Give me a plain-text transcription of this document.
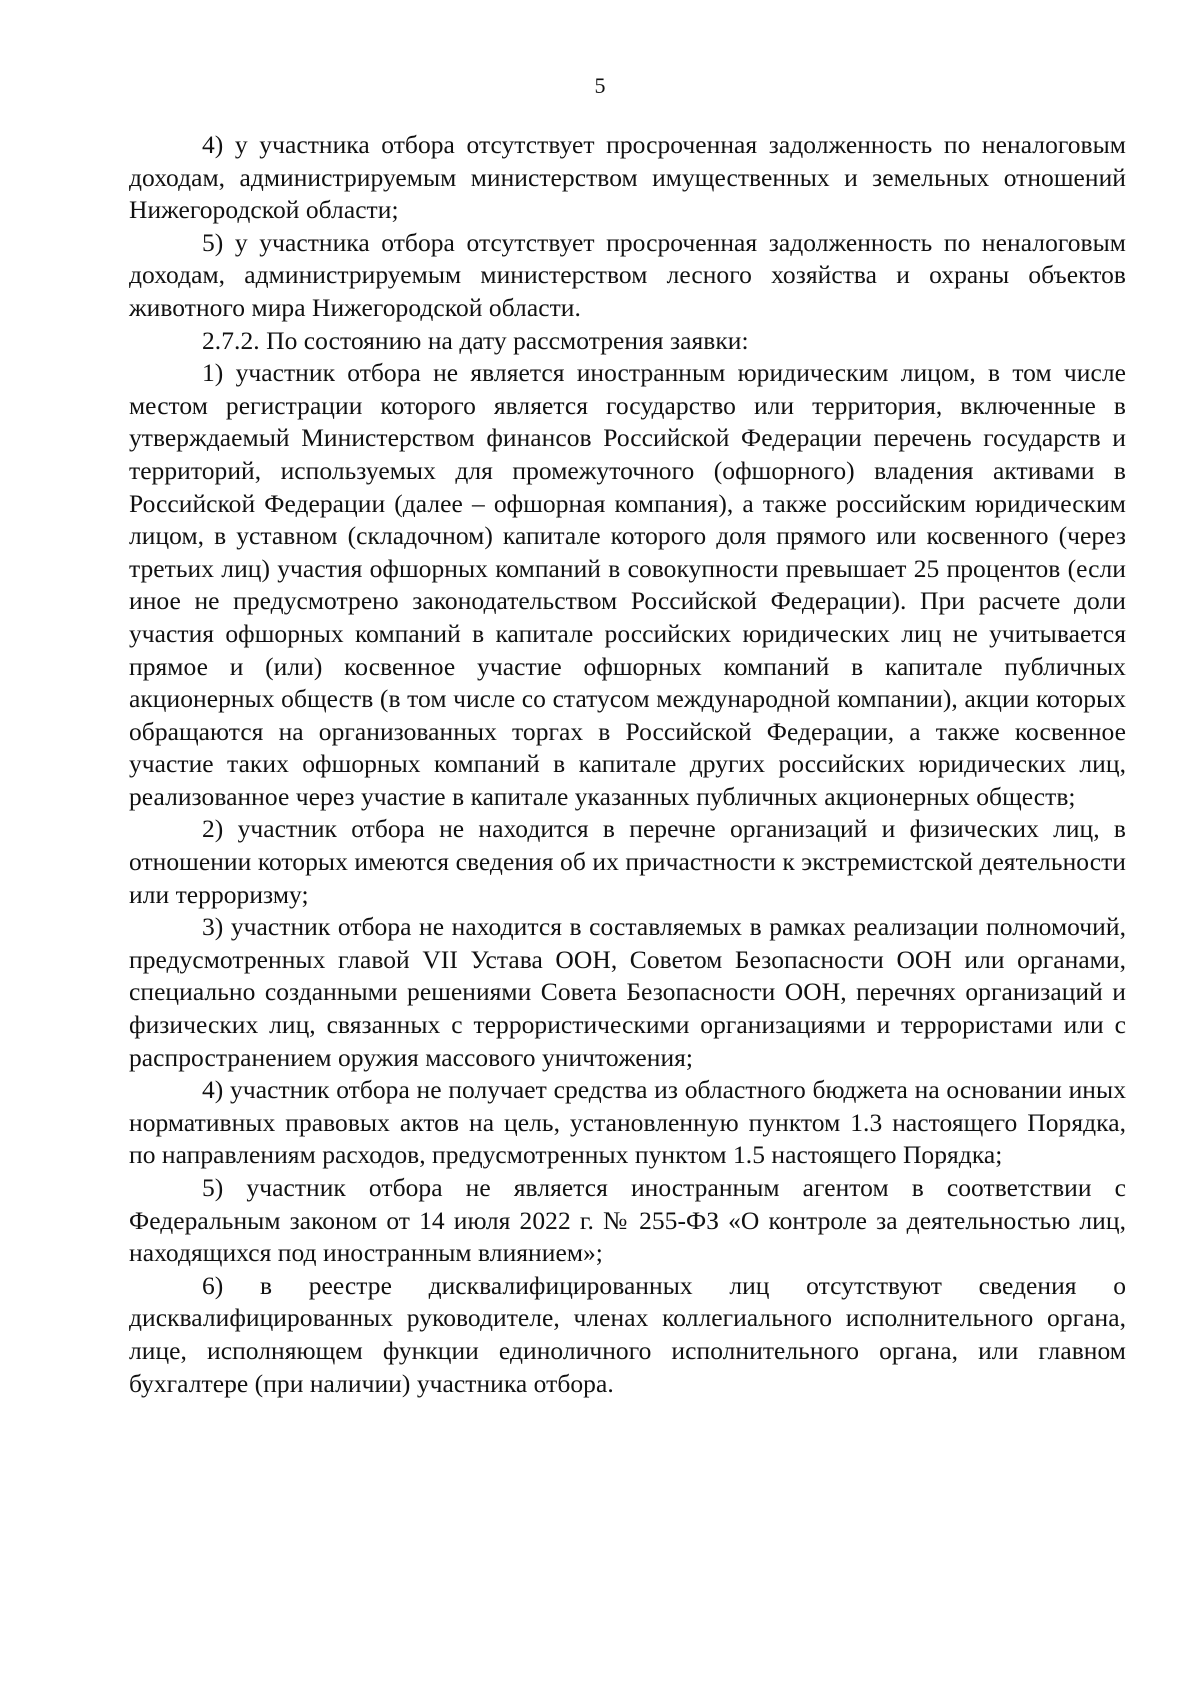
5

4) у участника отбора отсутствует просроченная задолженность по неналоговым доходам, администрируемым министерством имущественных и земельных отношений Нижегородской области;

5) у участника отбора отсутствует просроченная задолженность по неналоговым доходам, администрируемым министерством лесного хозяйства и охраны объектов животного мира Нижегородской области.

2.7.2. По состоянию на дату рассмотрения заявки:

1) участник отбора не является иностранным юридическим лицом, в том числе местом регистрации которого является государство или территория, включенные в утверждаемый Министерством финансов Российской Федерации перечень государств и территорий, используемых для промежуточного (офшорного) владения активами в Российской Федерации (далее – офшорная компания), а также российским юридическим лицом, в уставном (складочном) капитале которого доля прямого или косвенного (через третьих лиц) участия офшорных компаний в совокупности превышает 25 процентов (если иное не предусмотрено законодательством Российской Федерации). При расчете доли участия офшорных компаний в капитале российских юридических лиц не учитывается прямое и (или) косвенное участие офшорных компаний в капитале публичных акционерных обществ (в том числе со статусом международной компании), акции которых обращаются на организованных торгах в Российской Федерации, а также косвенное участие таких офшорных компаний в капитале других российских юридических лиц, реализованное через участие в капитале указанных публичных акционерных обществ;

2) участник отбора не находится в перечне организаций и физических лиц, в отношении которых имеются сведения об их причастности к экстремистской деятельности или терроризму;

3) участник отбора не находится в составляемых в рамках реализации полномочий, предусмотренных главой VII Устава ООН, Советом Безопасности ООН или органами, специально созданными решениями Совета Безопасности ООН, перечнях организаций и физических лиц, связанных с террористическими организациями и террористами или с распространением оружия массового уничтожения;

4) участник отбора не получает средства из областного бюджета на основании иных нормативных правовых актов на цель, установленную пунктом 1.3 настоящего Порядка, по направлениям расходов, предусмотренных пунктом 1.5 настоящего Порядка;

5) участник отбора не является иностранным агентом в соответствии с Федеральным законом от 14 июля 2022 г. № 255-ФЗ «О контроле за деятельностью лиц, находящихся под иностранным влиянием»;

6) в реестре дисквалифицированных лиц отсутствуют сведения о дисквалифицированных руководителе, членах коллегиального исполнительного органа, лице, исполняющем функции единоличного исполнительного органа, или главном бухгалтере (при наличии) участника отбора.
